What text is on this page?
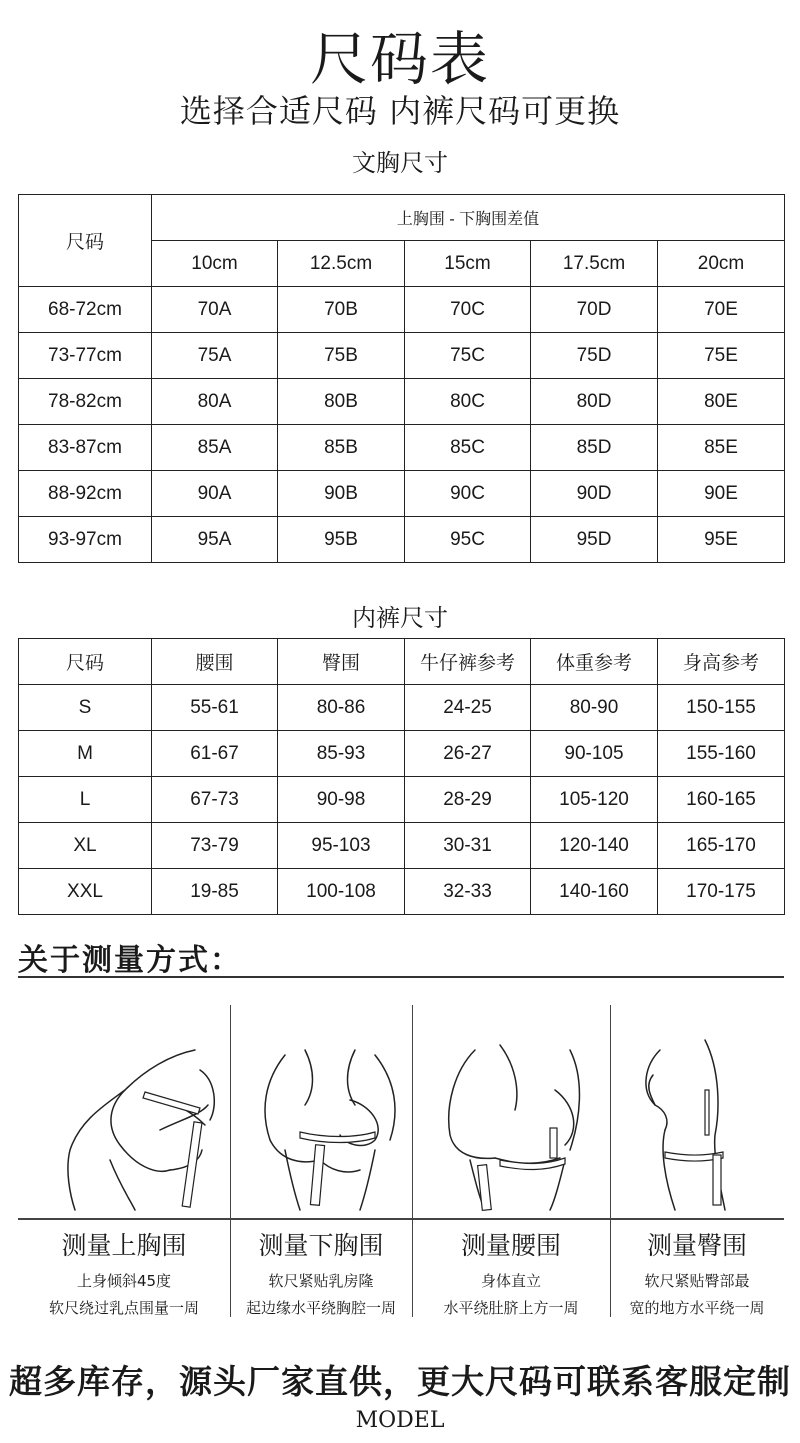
尺码表
选择合适尺码 内裤尺码可更换
文胸尺寸
尺码	上胸围 - 下胸围差值				
	10cm	12.5cm	15cm	17.5cm	20cm
68-72cm	70A	70B	70C	70D	70E
73-77cm	75A	75B	75C	75D	75E
78-82cm	80A	80B	80C	80D	80E
83-87cm	85A	85B	85C	85D	85E
88-92cm	90A	90B	90C	90D	90E
93-97cm	95A	95B	95C	95D	95E
内裤尺寸
尺码	腰围	臀围	牛仔裤参考	体重参考	身高参考
S	55-61	80-86	24-25	80-90	150-155
M	61-67	85-93	26-27	90-105	155-160
L	67-73	90-98	28-29	105-120	160-165
XL	73-79	95-103	30-31	120-140	165-170
XXL	19-85	100-108	32-33	140-160	170-175
关于测量方式：
测量上胸围	测量下胸围	测量腰围	测量臀围
上身倾斜45度
软尺绕过乳点围量一周
软尺紧贴乳房隆
起边缘水平绕胸腔一周
身体直立
水平绕肚脐上方一周
软尺紧贴臀部最
宽的地方水平绕一周
超多库存，源头厂家直供，更大尺码可联系客服定制
MODEL
